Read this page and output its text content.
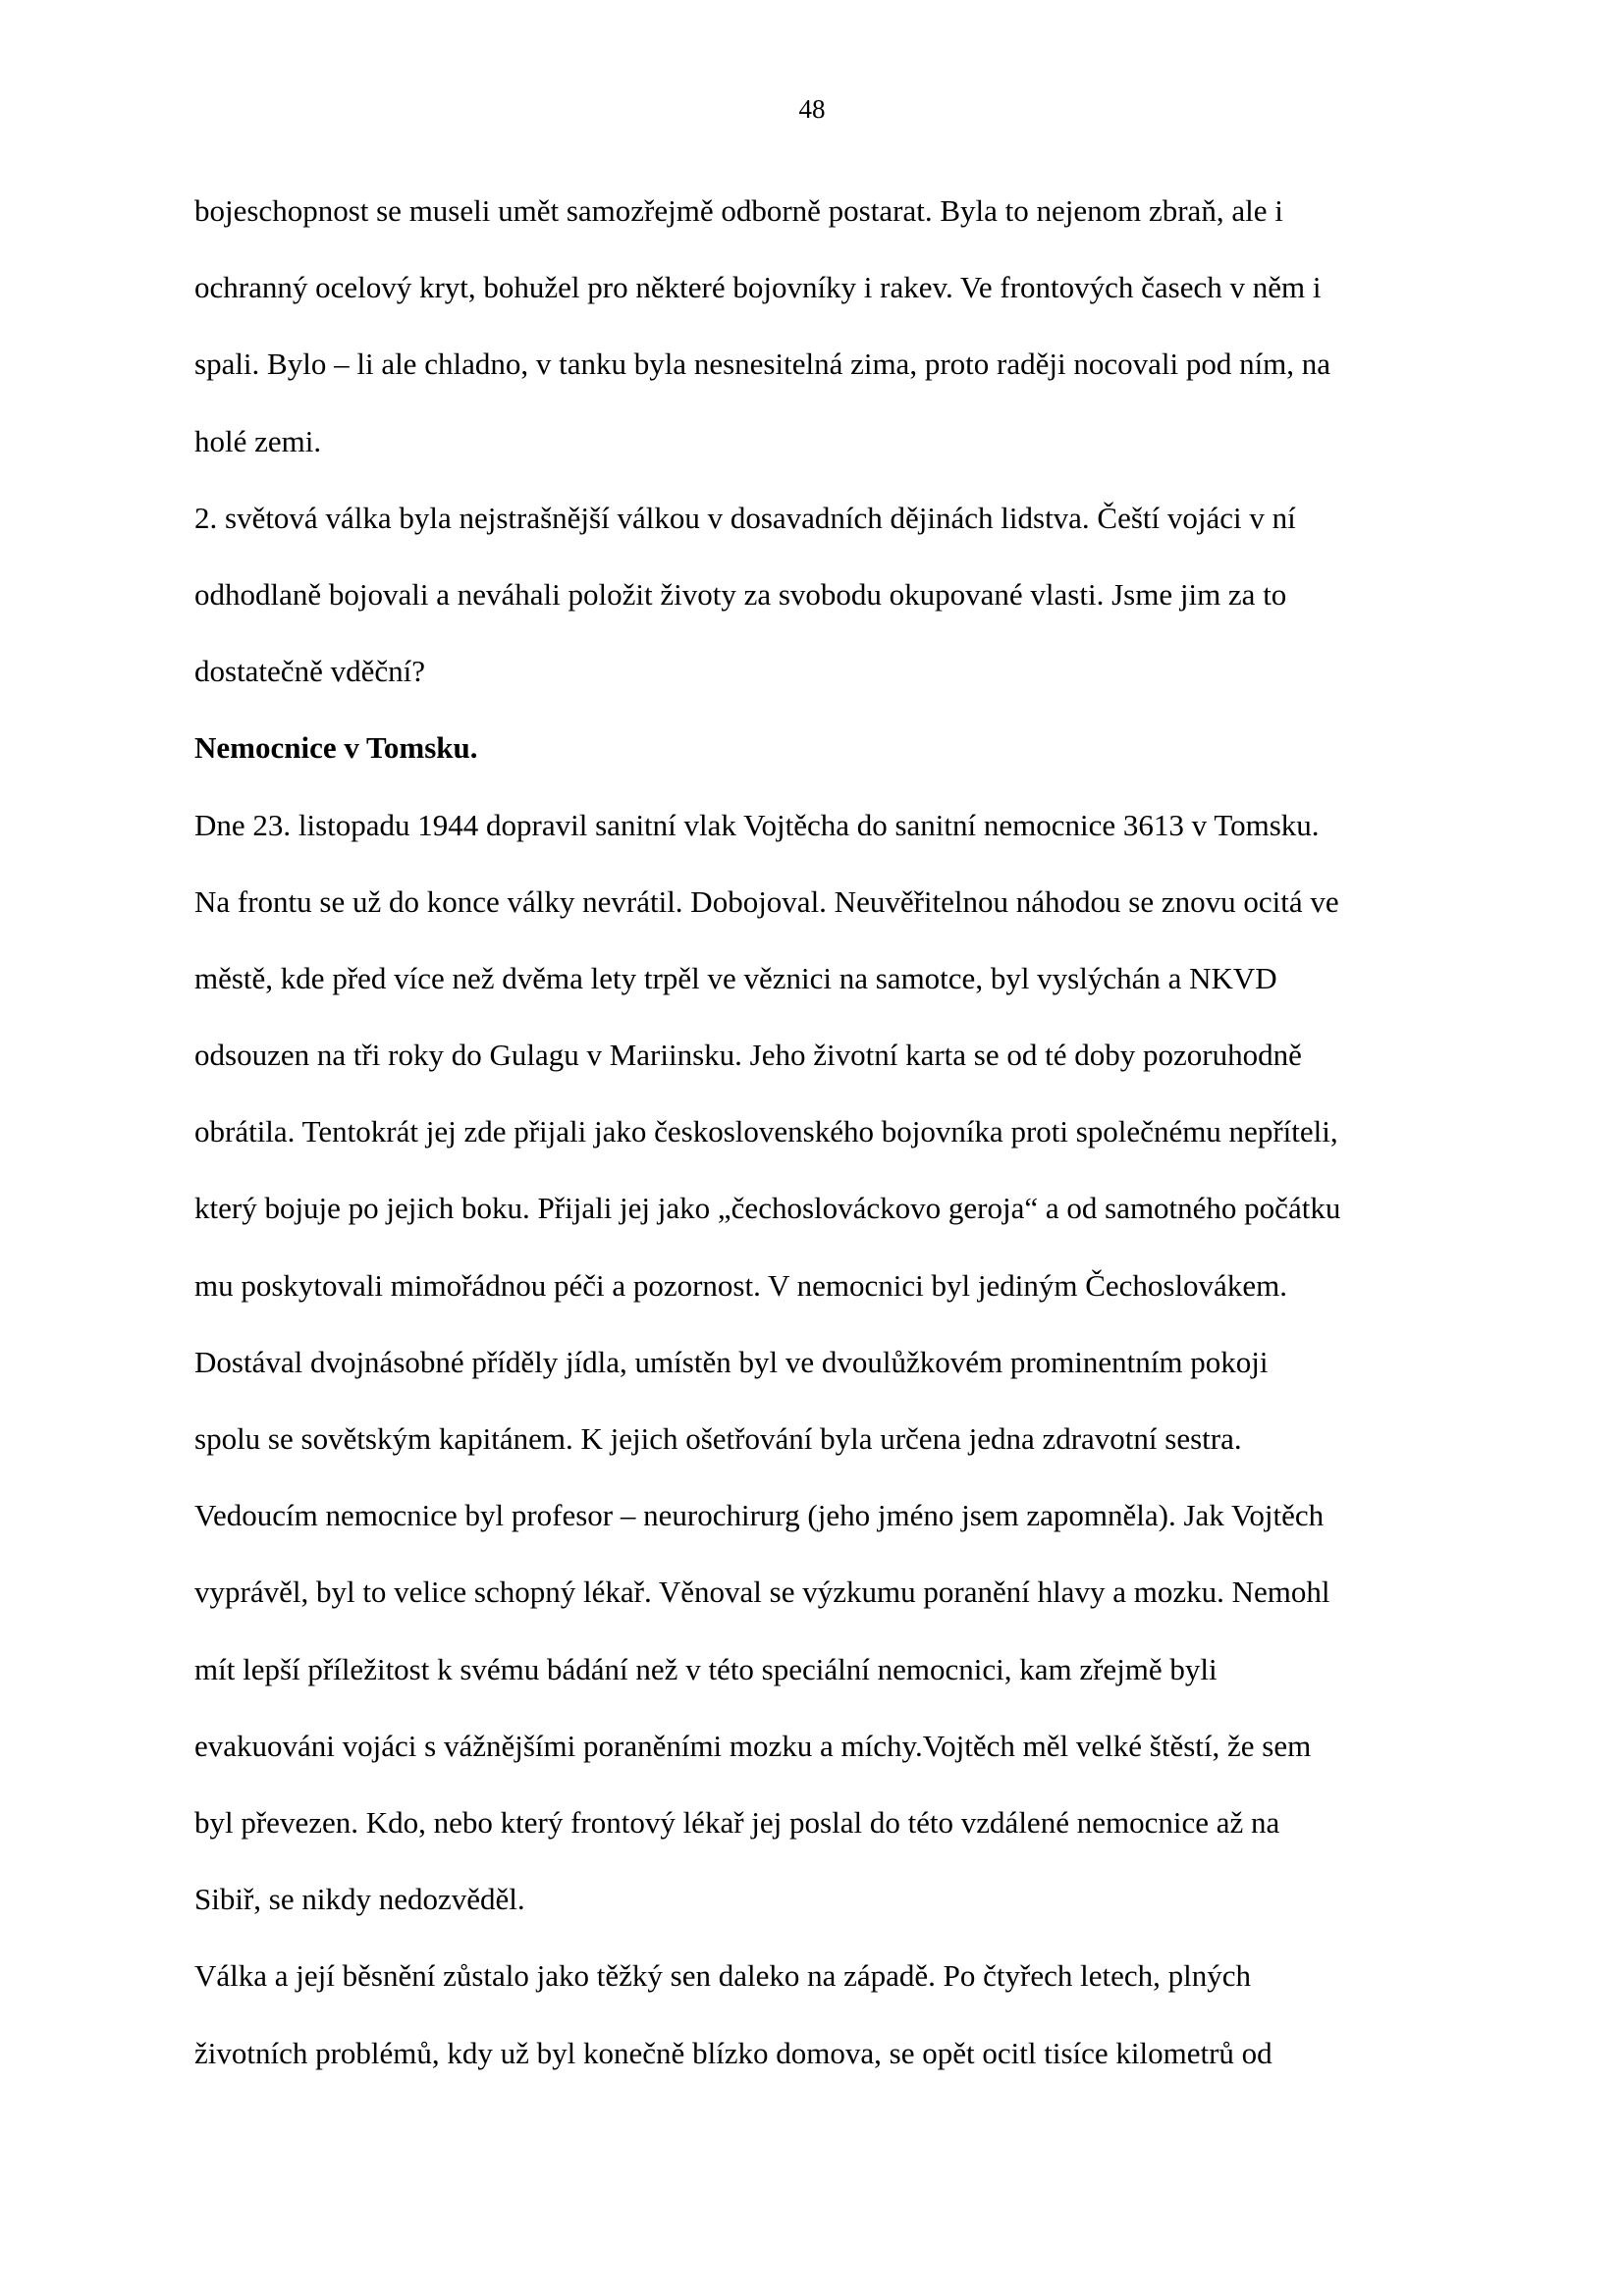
48
bojeschopnost se museli umět samozřejmě odborně postarat. Byla to nejenom zbraň, ale i
ochranný ocelový kryt, bohužel pro některé bojovníky i rakev. Ve frontových časech v něm i
spali. Bylo – li ale chladno, v tanku byla nesnesitelná zima, proto raději nocovali pod ním, na
holé zemi.
2. světová válka byla nejstrašnější válkou v dosavadních dějinách lidstva. Čeští vojáci v ní
odhodlaně bojovali a neváhali položit životy za svobodu okupované vlasti. Jsme jim za to
dostatečně vděční?
Nemocnice v Tomsku.
Dne 23. listopadu 1944 dopravil sanitní vlak Vojtěcha do sanitní nemocnice 3613 v Tomsku.
Na frontu se už do konce války nevrátil. Dobojoval. Neuvěřitelnou náhodou se znovu ocitá ve
městě, kde před více než dvěma lety trpěl ve věznici na samotce, byl vyslýchán a NKVD
odsouzen na tři roky do Gulagu v Mariinsku. Jeho životní karta se od té doby pozoruhodně
obrátila. Tentokrát jej zde přijali jako československého bojovníka proti společnému nepříteli,
který bojuje po jejich boku. Přijali jej jako „čechoslováckovo geroja“ a od samotného počátku
mu poskytovali mimořádnou péči a pozornost. V nemocnici byl jediným Čechoslovákem.
Dostával dvojnásobné příděly jídla, umístěn byl ve dvoulůžkovém prominentním pokoji
spolu se sovětským kapitánem. K jejich ošetřování byla určena jedna zdravotní sestra.
Vedoucím nemocnice byl profesor – neurochirurg (jeho jméno jsem zapomněla). Jak Vojtěch
vyprávěl, byl to velice schopný lékař. Věnoval se výzkumu poranění hlavy a mozku. Nemohl
mít lepší příležitost k svému bádání než v této speciální nemocnici, kam zřejmě byli
evakuováni vojáci s vážnějšími poraněními mozku a míchy.Vojtěch měl velké štěstí, že sem
byl převezen. Kdo, nebo který frontový lékař jej poslal do této vzdálené nemocnice až na
Sibiř, se nikdy nedozvěděl.
Válka a její běsnění zůstalo jako těžký sen daleko na západě. Po čtyřech letech, plných
životních problémů, kdy už byl konečně blízko domova, se opět ocitl tisíce kilometrů od
